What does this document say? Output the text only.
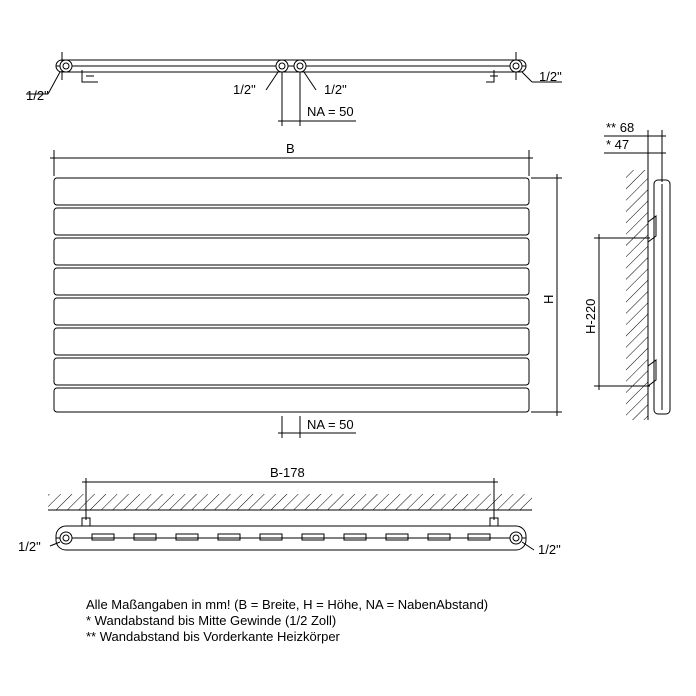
1/2"	1/2"	1/2"
1/2"
NA = 50
B
H
NA = 50
** 68
* 47
H-220
B-178
1/2"	1/2"
Alle Maßangaben in mm! (B = Breite, H = Höhe, NA = NabenAbstand)
* Wandabstand bis Mitte Gewinde (1/2 Zoll)
** Wandabstand bis Vorderkante Heizkörper
